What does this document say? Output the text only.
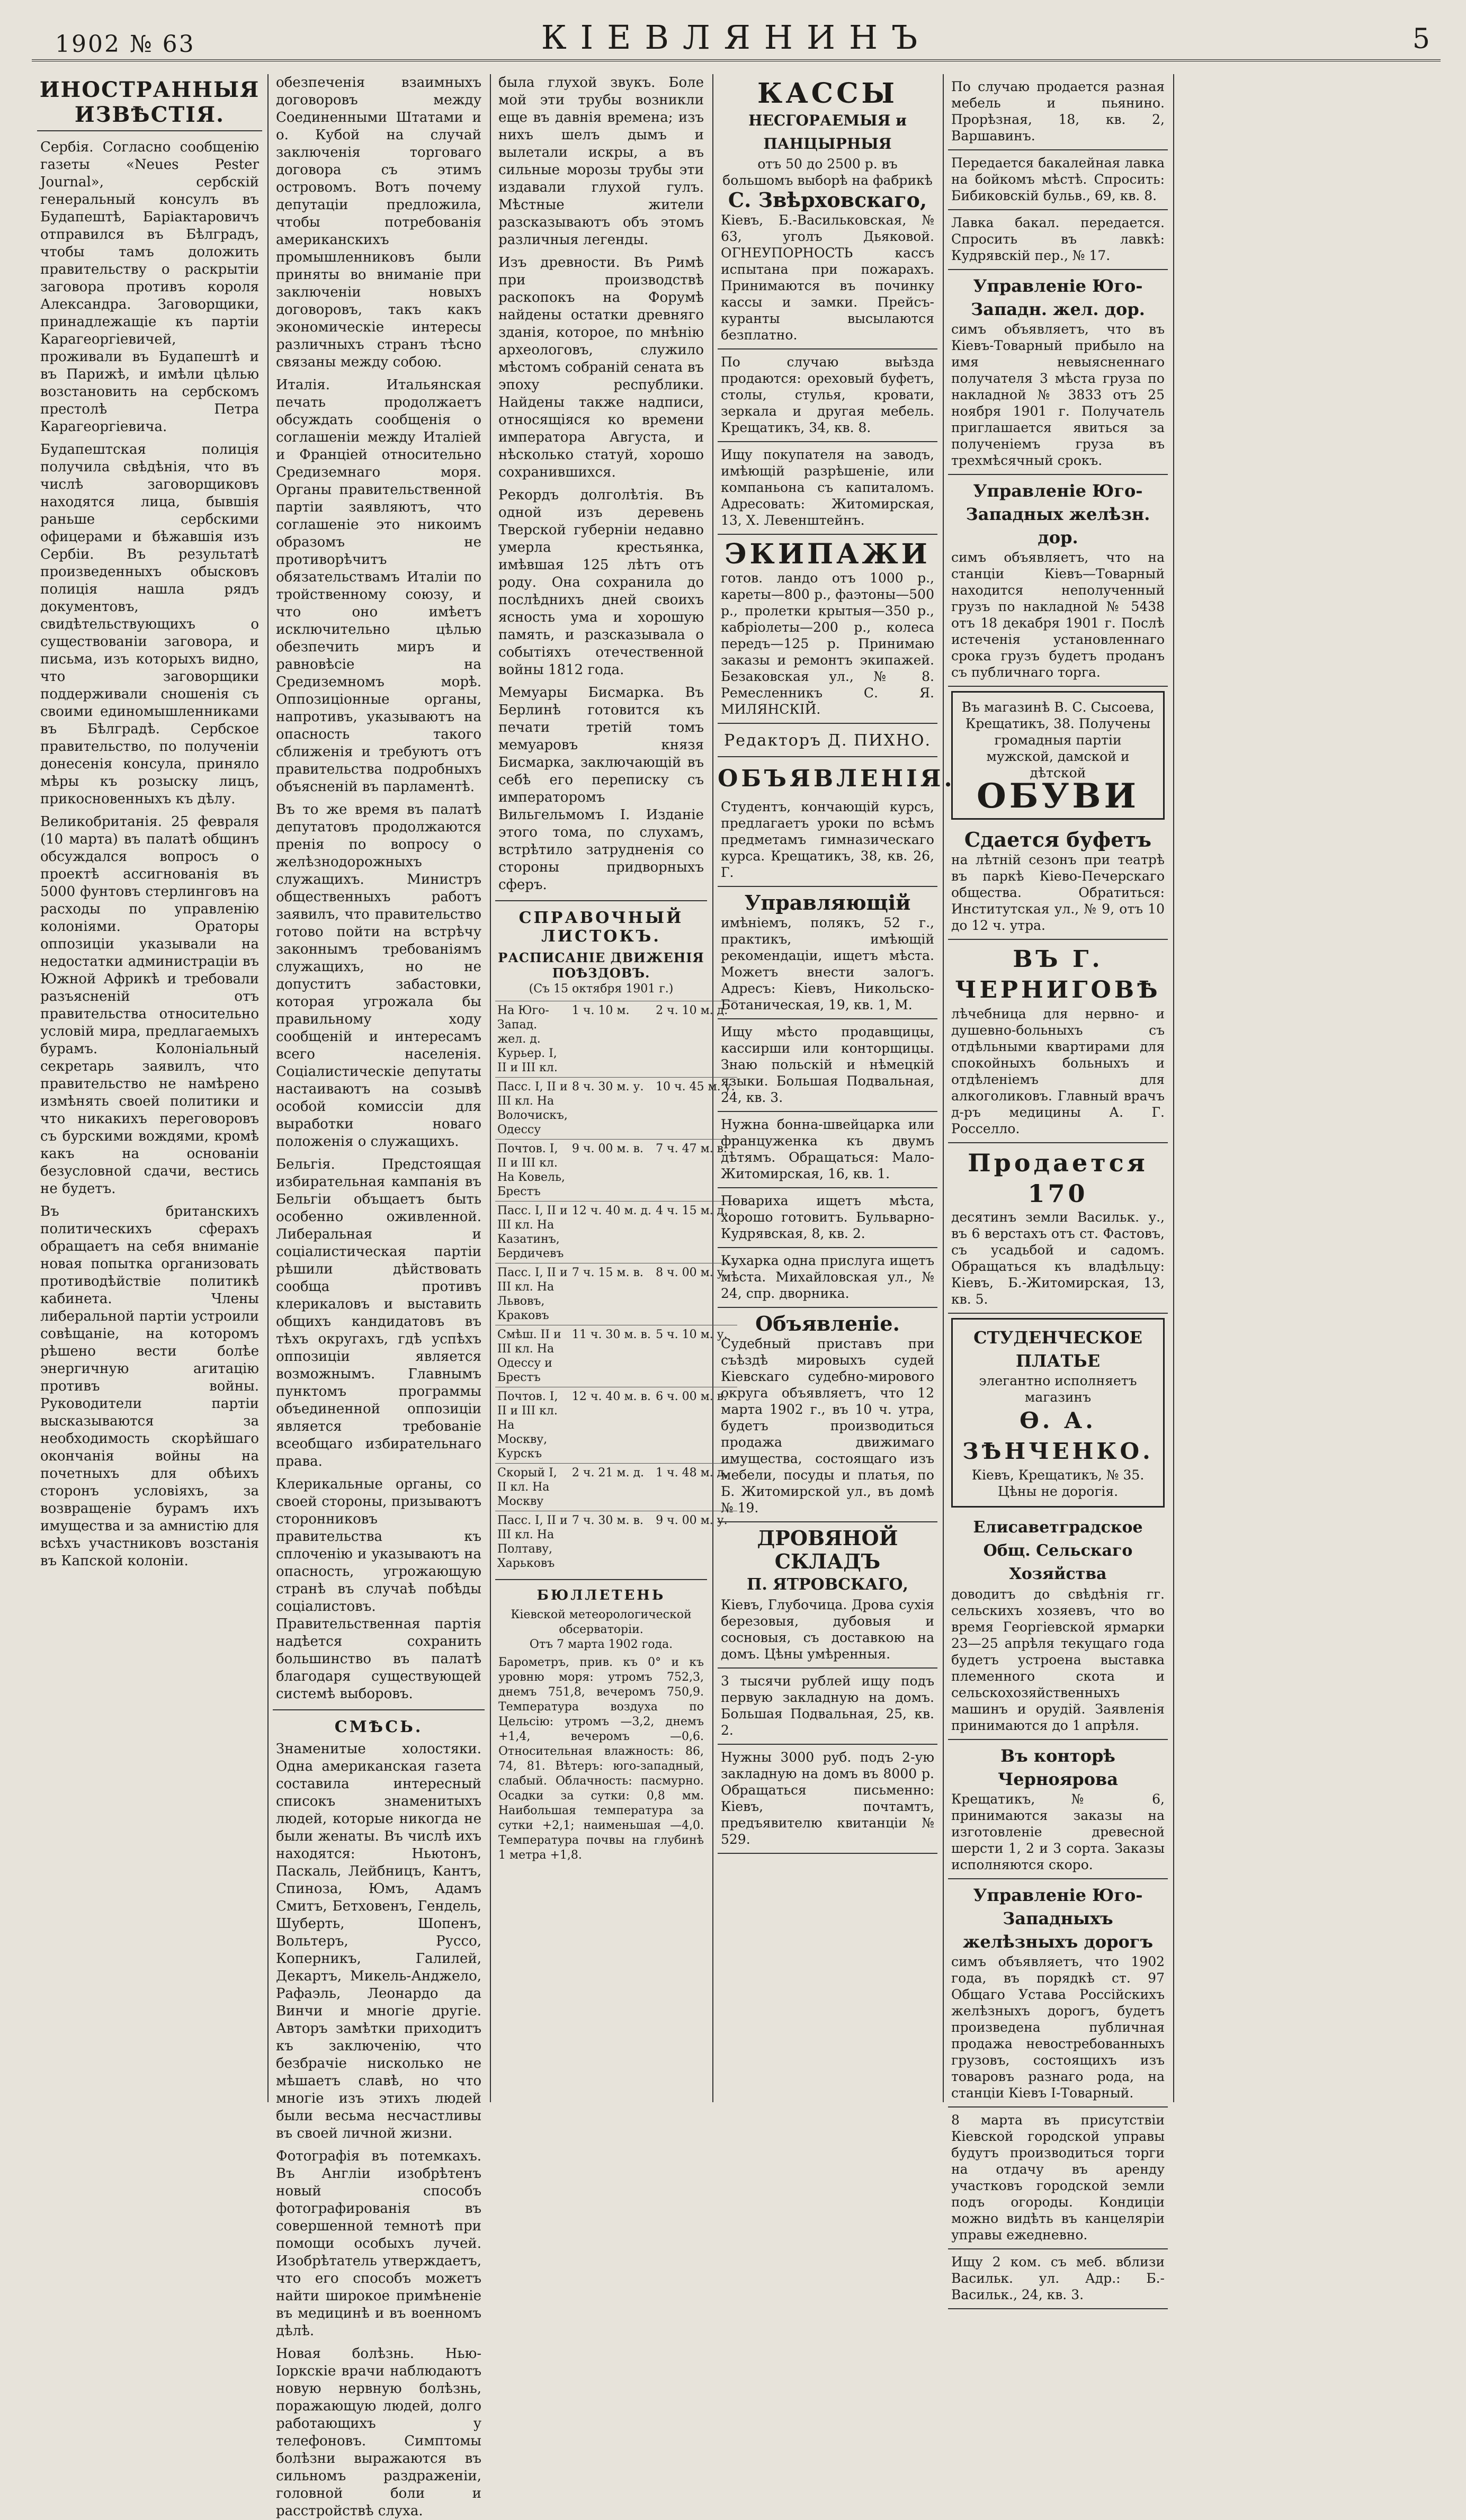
1902 № 63	КІЕВЛЯНИНЪ	5
ИНОСТРАННЫЯ ИЗВѢСТІЯ.

Сербія. Согласно сообщенію газеты «Neues Pester Journal», сербскій генеральный консулъ въ Будапештѣ, Баріактаровичъ отправился въ Бѣлградъ, чтобы тамъ доложить правительству о раскрытіи заговора противъ короля Александра. Заговорщики, принадлежащіе къ партіи Карагеоргіевичей, проживали въ Будапештѣ и въ Парижѣ, и имѣли цѣлью возстановить на сербскомъ престолѣ Петра Карагеоргіевича.

Будапештская полиція получила свѣдѣнія, что въ числѣ заговорщиковъ находятся лица, бывшія раньше сербскими офицерами и бѣжавшія изъ Сербіи. Въ результатѣ произведенныхъ обысковъ полиція нашла рядъ документовъ, свидѣтельствующихъ о существованіи заговора, и письма, изъ которыхъ видно, что заговорщики поддерживали сношенія съ своими единомышленниками въ Бѣлградѣ. Сербское правительство, по полученіи донесенія консула, приняло мѣры къ розыску лицъ, прикосновенныхъ къ дѣлу.

Великобританія. 25 февраля (10 марта) въ палатѣ общинъ обсуждался вопросъ о проектѣ ассигнованія въ 5000 фунтовъ стерлинговъ на расходы по управленію колоніями. Ораторы оппозиціи указывали на недостатки администраціи въ Южной Африкѣ и требовали разъясненій отъ правительства относительно условій мира, предлагаемыхъ бурамъ. Колоніальный секретарь заявилъ, что правительство не намѣрено измѣнять своей политики и что никакихъ переговоровъ съ бурскими вождями, кромѣ какъ на основаніи безусловной сдачи, вестись не будетъ.

Въ британскихъ политическихъ сферахъ обращаетъ на себя вниманіе новая попытка организовать противодѣйствіе политикѣ кабинета. Члены либеральной партіи устроили совѣщаніе, на которомъ рѣшено вести болѣе энергичную агитацію противъ войны. Руководители партіи высказываются за необходимость скорѣйшаго окончанія войны на почетныхъ для обѣихъ сторонъ условіяхъ, за возвращеніе бурамъ ихъ имущества и за амнистію для всѣхъ участниковъ возстанія въ Капской колоніи.

обезпеченія взаимныхъ договоровъ между Соединенными Штатами и о. Кубой на случай заключенія торговаго договора съ этимъ островомъ. Вотъ почему депутаціи предложила, чтобы потребованія американскихъ промышленниковъ были приняты во вниманіе при заключеніи новыхъ договоровъ, такъ какъ экономическіе интересы различныхъ странъ тѣсно связаны между собою.

Италія. Итальянская печать продолжаетъ обсуждать сообщенія о соглашеніи между Италіей и Франціей относительно Средиземнаго моря. Органы правительственной партіи заявляютъ, что соглашеніе это никоимъ образомъ не противорѣчитъ обязательствамъ Италіи по тройственному союзу, и что оно имѣетъ исключительно цѣлью обезпечить миръ и равновѣсіе на Средиземномъ морѣ. Оппозиціонные органы, напротивъ, указываютъ на опасность такого сближенія и требуютъ отъ правительства подробныхъ объясненій въ парламентѣ.

Въ то же время въ палатѣ депутатовъ продолжаются пренія по вопросу о желѣзнодорожныхъ служащихъ. Министръ общественныхъ работъ заявилъ, что правительство готово пойти на встрѣчу законнымъ требованіямъ служащихъ, но не допуститъ забастовки, которая угрожала бы правильному ходу сообщеній и интересамъ всего населенія. Соціалистическіе депутаты настаиваютъ на созывѣ особой комиссіи для выработки новаго положенія о служащихъ.

Бельгія. Предстоящая избирательная кампанія въ Бельгіи объщаетъ быть особенно оживленной. Либеральная и соціалистическая партіи рѣшили дѣйствовать сообща противъ клерикаловъ и выставить общихъ кандидатовъ въ тѣхъ округахъ, гдѣ успѣхъ оппозиціи является возможнымъ. Главнымъ пунктомъ программы объединенной оппозиціи является требованіе всеобщаго избирательнаго права.

Клерикальные органы, со своей стороны, призываютъ сторонниковъ правительства къ сплоченію и указываютъ на опасность, угрожающую странѣ въ случаѣ побѣды соціалистовъ. Правительственная партія надѣется сохранить большинство въ палатѣ благодаря существующей системѣ выборовъ.

СМѢСЬ.

Знаменитые холостяки. Одна американская газета составила интересный списокъ знаменитыхъ людей, которые никогда не были женаты. Въ числѣ ихъ находятся: Ньютонъ, Паскаль, Лейбницъ, Кантъ, Спиноза, Юмъ, Адамъ Смитъ, Бетховенъ, Гендель, Шуберть, Шопенъ, Вольтеръ, Руссо, Коперникъ, Галилей, Декартъ, Микель-Анджело, Рафаэль, Леонардо да Винчи и многіе другіе. Авторъ замѣтки приходитъ къ заключенію, что безбрачіе нисколько не мѣшаетъ славѣ, но что многіе изъ этихъ людей были весьма несчастливы въ своей личной жизни.

Фотографія въ потемкахъ. Въ Англіи изобрѣтенъ новый способъ фотографированія въ совершенной темнотѣ при помощи особыхъ лучей. Изобрѣтатель утверждаетъ, что его способъ можетъ найти широкое примѣненіе въ медицинѣ и въ военномъ дѣлѣ.

Новая болѣзнь. Нью-Іоркскіе врачи наблюдаютъ новую нервную болѣзнь, поражающую людей, долго работающихъ у телефоновъ. Симптомы болѣзни выражаются въ сильномъ раздраженіи, головной боли и расстройствѣ слуха.

была глухой звукъ. Боле мой эти трубы возникли еще въ давнія времена; изъ нихъ шелъ дымъ и вылетали искры, а въ сильные морозы трубы эти издавали глухой гулъ. Мѣстные жители разсказываютъ объ этомъ различныя легенды.

Изъ древности. Въ Римѣ при производствѣ раскопокъ на Форумѣ найдены остатки древняго зданія, которое, по мнѣнію археологовъ, служило мѣстомъ собраній сената въ эпоху республики. Найдены также надписи, относящіяся ко времени императора Августа, и нѣсколько статуй, хорошо сохранившихся.

Рекордъ долголѣтія. Въ одной изъ деревень Тверской губерніи недавно умерла крестьянка, имѣвшая 125 лѣтъ отъ роду. Она сохранила до послѣднихъ дней своихъ ясность ума и хорошую память, и разсказывала о событіяхъ отечественной войны 1812 года.

Мемуары Бисмарка. Въ Берлинѣ готовится къ печати третій томъ мемуаровъ князя Бисмарка, заключающій въ себѣ его переписку съ императоромъ Вильгельмомъ I. Изданіе этого тома, по слухамъ, встрѣтило затрудненія со стороны придворныхъ сферъ.

СПРАВОЧНЫЙ ЛИСТОКЪ.
РАСПИСАНІЕ ДВИЖЕНІЯ ПОѢЗДОВЪ.
(Съ 15 октября 1901 г.)
На Юго-Запад. жел. д. Курьер. I, II и III кл.	1 ч. 10 м.	2 ч. 10 м. д.
Пасс. I, II и III кл. На Волочискъ, Одессу	8 ч. 30 м. у.	10 ч. 45 м. у.
Почтов. I, II и III кл. На Ковель, Брестъ	9 ч. 00 м. в.	7 ч. 47 м. в.
Пасс. I, II и III кл. На Казатинъ, Бердичевъ	12 ч. 40 м. д.	4 ч. 15 м. д.
Пасс. I, II и III кл. На Львовъ, Краковъ	7 ч. 15 м. в.	8 ч. 00 м. у.
Смѣш. II и III кл. На Одессу и Брестъ	11 ч. 30 м. в.	5 ч. 10 м. у.
Почтов. I, II и III кл. На Москву, Курскъ	12 ч. 40 м. в.	6 ч. 00 м. в.
Скорый I, II кл. На Москву	2 ч. 21 м. д.	1 ч. 48 м. д.
Пасс. I, II и III кл. На Полтаву, Харьковъ	7 ч. 30 м. в.	9 ч. 00 м. у.
БЮЛЛЕТЕНЬ
Кіевской метеорологической обсерваторіи.
Отъ 7 марта 1902 года.

Барометръ, прив. къ 0° и къ уровню моря: утромъ 752,3, днемъ 751,8, вечеромъ 750,9. Температура воздуха по Цельсію: утромъ —3,2, днемъ +1,4, вечеромъ —0,6. Относительная влажность: 86, 74, 81. Вѣтеръ: юго-западный, слабый. Облачность: пасмурно. Осадки за сутки: 0,8 мм. Наибольшая температура за сутки +2,1; наименьшая —4,0. Температура почвы на глубинѣ 1 метра +1,8.

КАССЫ
НЕСГОРАЕМЫЯ и ПАНЦЫРНЫЯ
отъ 50 до 2500 р. въ большомъ выборѣ на фабрикѣ
С. Звѣрховскаго,
Кіевъ, Б.-Васильковская, № 63, уголъ Дьяковой. ОГНЕУПОРНОСТЬ кассъ испытана при пожарахъ. Принимаются въ починку кассы и замки. Прейсъ-куранты высылаются безплатно.
По случаю выѣзда продаются: ореховый буфетъ, столы, стулья, кровати, зеркала и другая мебель. Крещатикъ, 34, кв. 8.
Ищу покупателя на заводъ, имѣющій разрѣшеніе, или компаньона съ капиталомъ. Адресовать: Житомирская, 13, Х. Левенштейнъ.
ЭКИПАЖИ
готов. ландо отъ 1000 р., кареты—800 р., фаэтоны—500 р., пролетки крытыя—350 р., кабріолеты—200 р., колеса передъ—125 р. Принимаю заказы и ремонтъ экипажей. Безаковская ул., № 8. Ремесленникъ С. Я. МИЛЯНСКІЙ.
Редакторъ Д. ПИХНО.
ОБЪЯВЛЕНІЯ.
Студентъ, кончающій курсъ, предлагаетъ уроки по всѣмъ предметамъ гимназическаго курса. Крещатикъ, 38, кв. 26, Г.
Управляющій
имѣніемъ, полякъ, 52 г., практикъ, имѣющій рекомендаціи, ищетъ мѣста. Можетъ внести залогъ. Адресъ: Кіевъ, Никольско-Ботаническая, 19, кв. 1, М.
Ищу мѣсто продавщицы, кассирши или конторщицы. Знаю польскій и нѣмецкій языки. Большая Подвальная, 24, кв. 3.
Нужна бонна-швейцарка или француженка къ двумъ дѣтямъ. Обращаться: Мало-Житомирская, 16, кв. 1.
Повариха ищетъ мѣста, хорошо готовитъ. Бульварно-Кудрявская, 8, кв. 2.
Кухарка одна прислуга ищетъ мѣста. Михайловская ул., № 24, спр. дворника.
Объявленіе.
Судебный приставъ при съѣздѣ мировыхъ судей Кіевскаго судебно-мирового округа объявляетъ, что 12 марта 1902 г., въ 10 ч. утра, будетъ производиться продажа движимаго имущества, состоящаго изъ мебели, посуды и платья, по Б. Житомирской ул., въ домѣ № 19.
ДРОВЯНОЙ СКЛАДЪ
П. ЯТРОВСКАГО,
Кіевъ, Глубочица. Дрова сухія березовыя, дубовыя и сосновыя, съ доставкою на домъ. Цѣны умѣренныя.
3 тысячи рублей ищу подъ первую закладную на домъ. Большая Подвальная, 25, кв. 2.
Нужны 3000 руб. подъ 2-ую закладную на домъ въ 8000 р. Обращаться письменно: Кіевъ, почтамтъ, предъявителю квитанціи № 529.
По случаю продается разная мебель и пьянино. Прорѣзная, 18, кв. 2, Варшавинъ.
Передается бакалейная лавка на бойкомъ мѣстѣ. Спросить: Бибиковскій бульв., 69, кв. 8.
Лавка бакал. передается. Спросить въ лавкѣ: Кудрявскій пер., № 17.
Управленіе Юго-Западн. жел. дор.
симъ объявляетъ, что въ Кіевъ-Товарный прибыло на имя невыясненнаго получателя 3 мѣста груза по накладной № 3833 отъ 25 ноября 1901 г. Получатель приглашается явиться за полученіемъ груза въ трехмѣсячный срокъ.
Управленіе Юго-Западных желѣзн. дор.
симъ объявляетъ, что на станціи Кіевъ—Товарный находится неполученный грузъ по накладной № 5438 отъ 18 декабря 1901 г. Послѣ истеченія установленнаго срока грузъ будетъ проданъ съ публичнаго торга.
Въ магазинѣ В. С. Сысоева, Крещатикъ, 38. Получены громадныя партіи мужской, дамской и дѣтской
ОБУВИ
Сдается буфетъ
на лѣтній сезонъ при театрѣ въ паркѣ Кіево-Печерскаго общества. Обратиться: Институтская ул., № 9, отъ 10 до 12 ч. утра.
ВЪ Г. ЧЕРНИГОВѢ
лѣчебница для нервно- и душевно-больныхъ съ отдѣльными квартирами для спокойныхъ больныхъ и отдѣленіемъ для алкоголиковъ. Главный врачъ д-ръ медицины А. Г. Росселло.
Продается 170
десятинъ земли Васильк. у., въ 6 верстахъ отъ ст. Фастовъ, съ усадьбой и садомъ. Обращаться къ владѣльцу: Кіевъ, Б.-Житомирская, 13, кв. 5.
СТУДЕНЧЕСКОЕ ПЛАТЬЕ
элегантно исполняетъ магазинъ
Ѳ. А. ЗѢНЧЕНКО.
Кіевъ, Крещатикъ, № 35. Цѣны не дорогія.
Елисаветградское Общ. Сельскаго Хозяйства
доводитъ до свѣдѣнія гг. сельскихъ хозяевъ, что во время Георгіевской ярмарки 23—25 апрѣля текущаго года будетъ устроена выставка племенного скота и сельскохозяйственныхъ машинъ и орудій. Заявленія принимаются до 1 апрѣля.
Въ конторѣ Чернояровa
Крещатикъ, № 6, принимаются заказы на изготовленіе древесной шерсти 1, 2 и 3 сорта. Заказы исполняются скоро.
Управленіе Юго-Западныхъ желѣзныхъ дорогъ
симъ объявляетъ, что 1902 года, въ порядкѣ ст. 97 Общаго Устава Россійскихъ желѣзныхъ дорогъ, будетъ произведена публичная продажа невостребованныхъ грузовъ, состоящихъ изъ товаровъ разнаго рода, на станціи Кіевъ I-Товарный.
8 марта въ присутствіи Кіевской городской управы будутъ производиться торги на отдачу въ аренду участковъ городской земли подъ огороды. Кондиціи можно видѣть въ канцеляріи управы ежедневно.
Ищу 2 ком. съ меб. вблизи Васильк. ул. Адр.: Б.-Васильк., 24, кв. 3.
